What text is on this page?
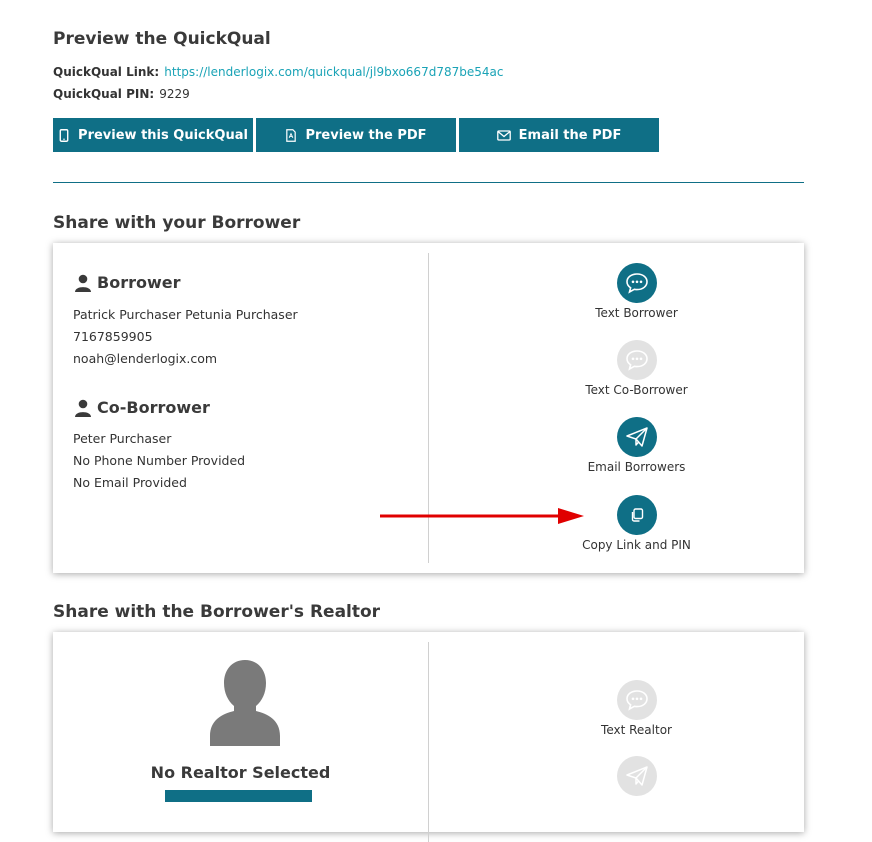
Preview the QuickQual
QuickQual Link: https://lenderlogix.com/quickqual/jl9bxo667d787be54ac
QuickQual PIN: 9229
Preview this QuickQual	Preview the PDF	Email the PDF
Share with your Borrower
Borrower
Patrick Purchaser Petunia Purchaser
7167859905
noah@lenderlogix.com
Co-Borrower
Peter Purchaser
No Phone Number Provided
No Email Provided
Text Borrower
Text Co-Borrower
Email Borrowers
Copy Link and PIN
Share with the Borrower's Realtor
No Realtor Selected
Text Realtor
